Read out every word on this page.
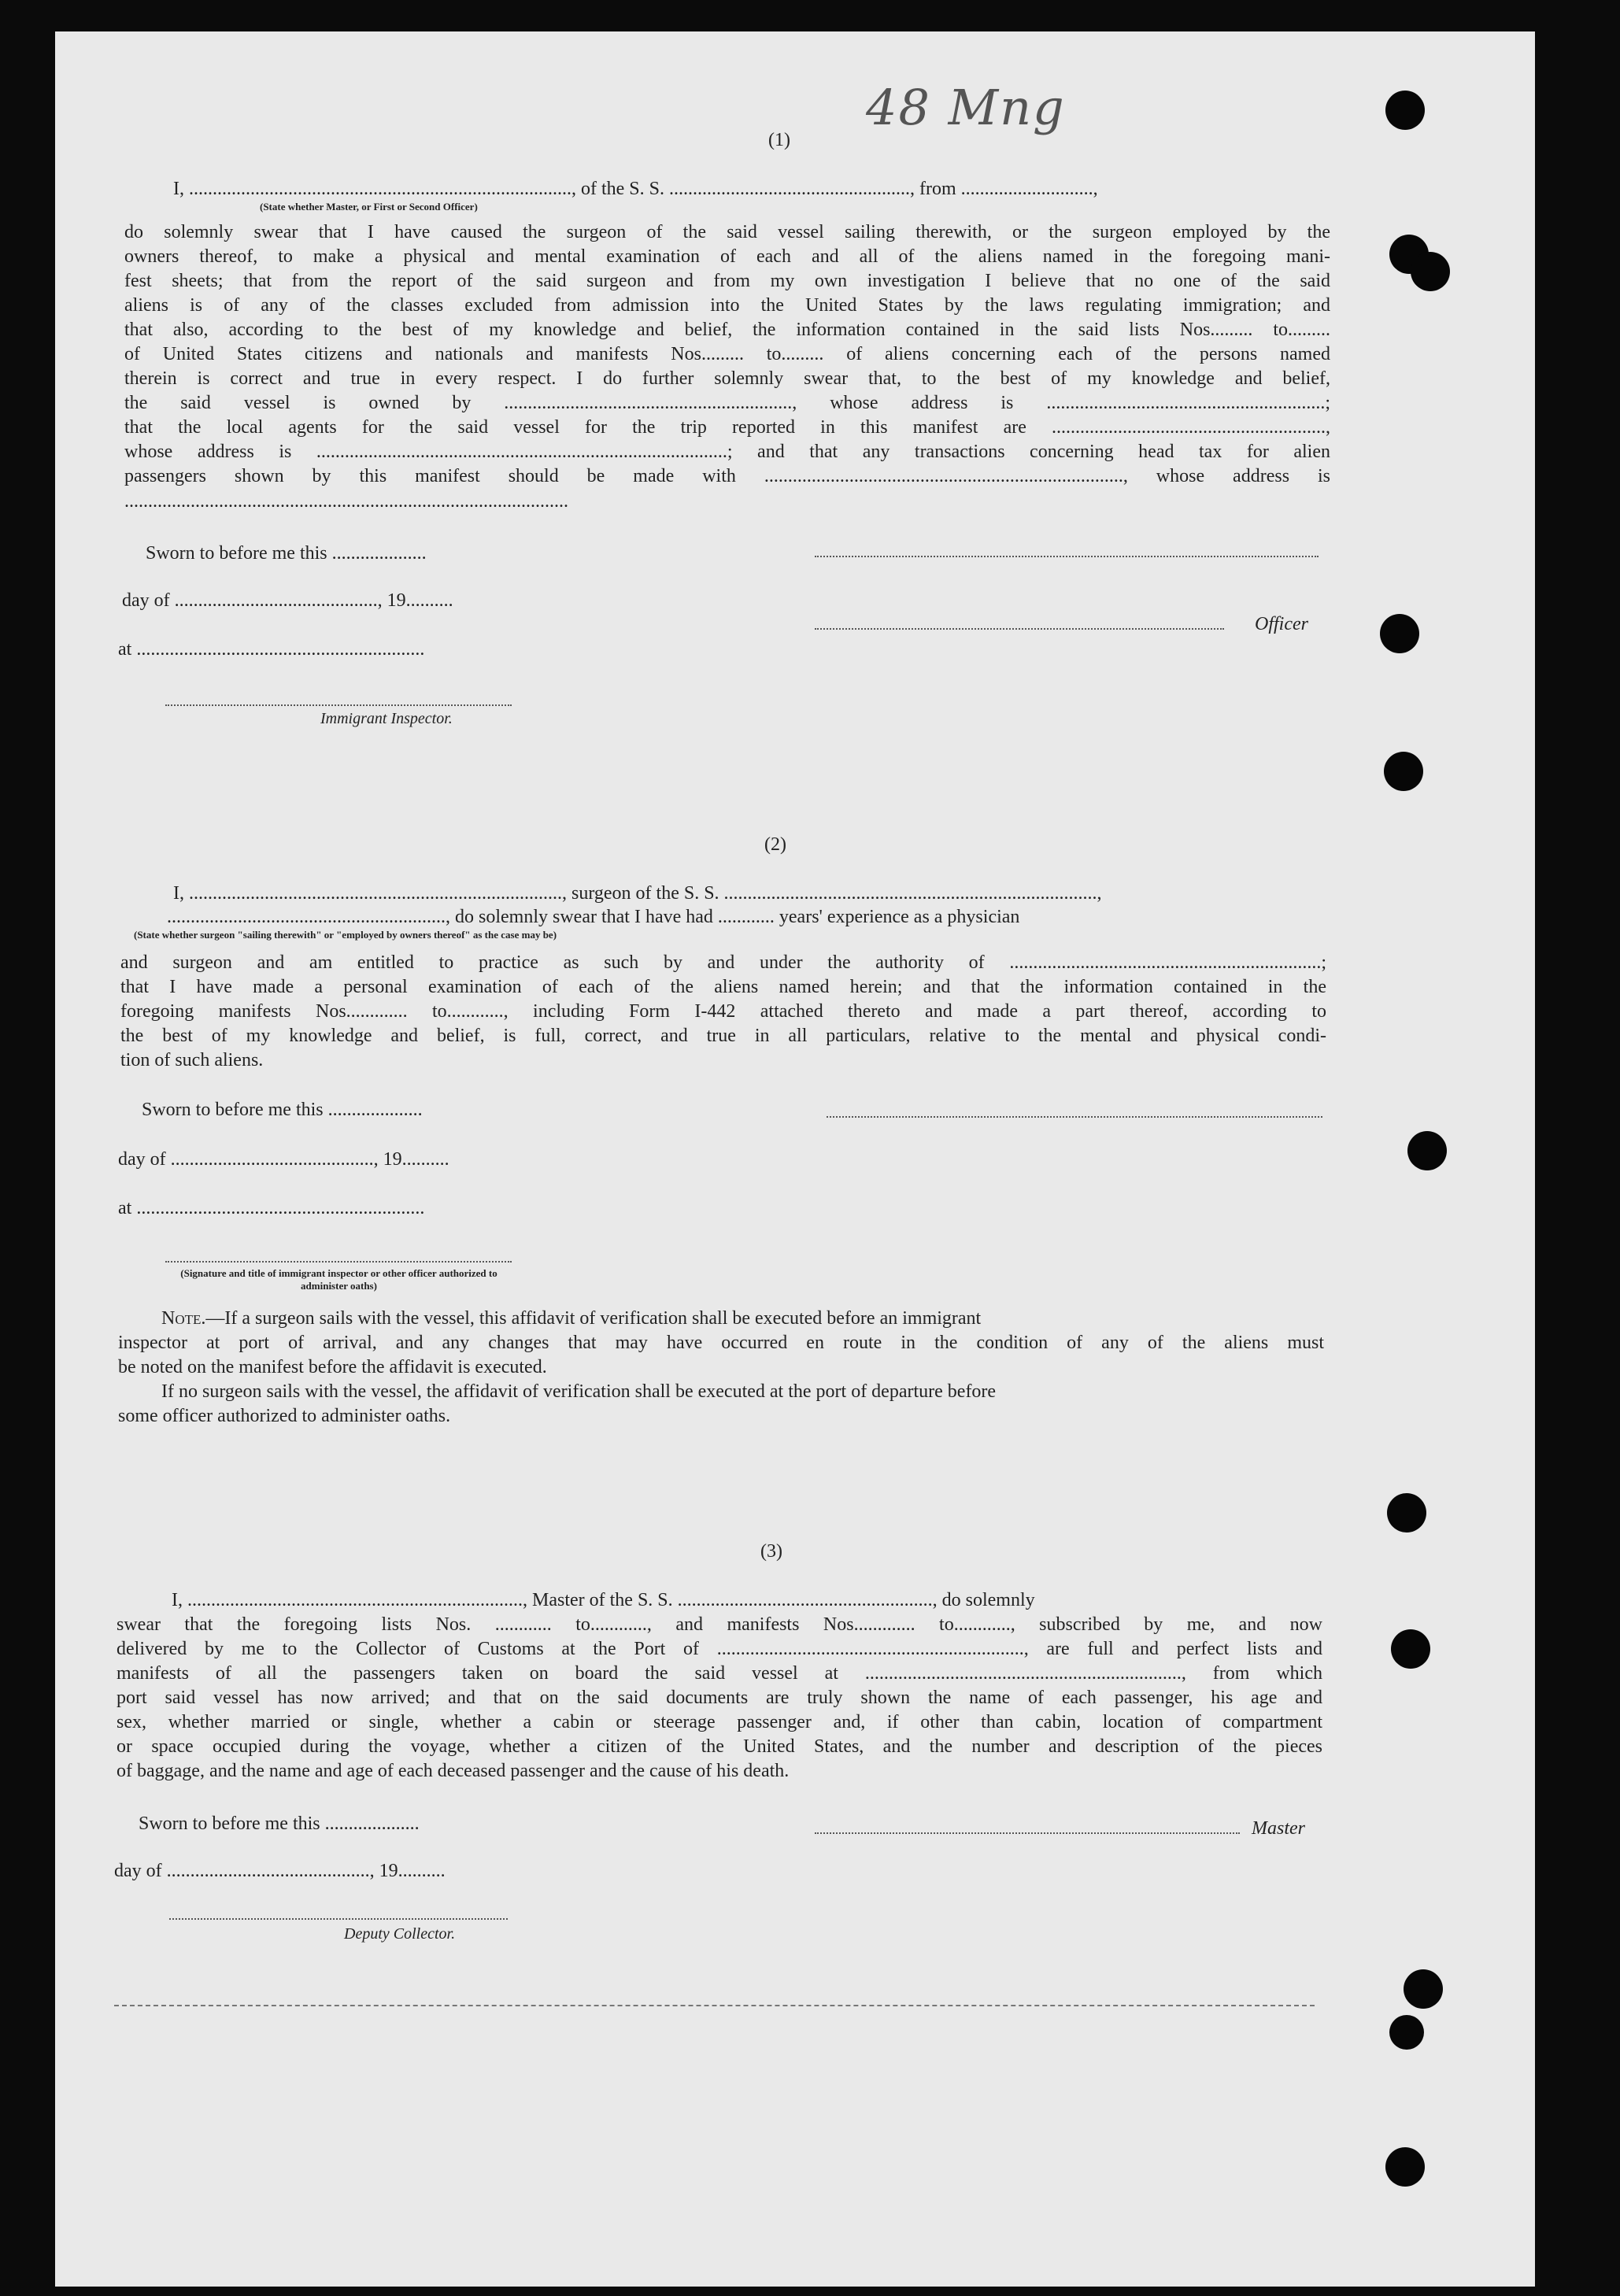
48 Mng
(1)
I, ................................................................................., of the S. S. ..................................................., from ............................,
(State whether Master, or First or Second Officer)
do solemnly swear that I have caused the surgeon of the said vessel sailing therewith, or the surgeon employed by the
owners thereof, to make a physical and mental examination of each and all of the aliens named in the foregoing mani-
fest sheets; that from the report of the said surgeon and from my own investigation I believe that no one of the said
aliens is of any of the classes excluded from admission into the United States by the laws regulating immigration; and
that also, according to the best of my knowledge and belief, the information contained in the said lists Nos......... to.........
of United States citizens and nationals and manifests Nos......... to......... of aliens concerning each of the persons named
therein is correct and true in every respect. I do further solemnly swear that, to the best of my knowledge and belief,
the said vessel is owned by ............................................................., whose address is ...........................................................;
that the local agents for the said vessel for the trip reported in this manifest are ..........................................................,
whose address is .......................................................................................; and that any transactions concerning head tax for alien
passengers shown by this manifest should be made with ............................................................................, whose address is
..............................................................................................
Sworn to before me this ....................
day of ..........................................., 19..........
Officer
at .............................................................
Immigrant Inspector.
(2)
I, ..............................................................................., surgeon of the S. S. ...............................................................................,
..........................................................., do solemnly swear that I have had ............ years' experience as a physician
(State whether surgeon "sailing therewith" or "employed by owners thereof" as the case may be)
and surgeon and am entitled to practice as such by and under the authority of ..................................................................;
that I have made a personal examination of each of the aliens named herein; and that the information contained in the
foregoing manifests Nos............. to............, including Form I-442 attached thereto and made a part thereof, according to
the best of my knowledge and belief, is full, correct, and true in all particulars, relative to the mental and physical condi-
tion of such aliens.
Sworn to before me this ....................
day of ..........................................., 19..........
at .............................................................
(Signature and title of immigrant inspector or other officer authorized to administer oaths)
Note.—If a surgeon sails with the vessel, this affidavit of verification shall be executed before an immigrant
inspector at port of arrival, and any changes that may have occurred en route in the condition of any of the aliens must
be noted on the manifest before the affidavit is executed.
If no surgeon sails with the vessel, the affidavit of verification shall be executed at the port of departure before
some officer authorized to administer oaths.
(3)
I, ......................................................................., Master of the S. S. ......................................................, do solemnly
swear that the foregoing lists Nos. ............ to............, and manifests Nos............. to............, subscribed by me, and now
delivered by me to the Collector of Customs at the Port of ................................................................., are full and perfect lists and
manifests of all the passengers taken on board the said vessel at ..................................................................., from which
port said vessel has now arrived; and that on the said documents are truly shown the name of each passenger, his age and
sex, whether married or single, whether a cabin or steerage passenger and, if other than cabin, location of compartment
or space occupied during the voyage, whether a citizen of the United States, and the number and description of the pieces
of baggage, and the name and age of each deceased passenger and the cause of his death.
Sworn to before me this ....................	Master
day of ..........................................., 19..........
Deputy Collector.
